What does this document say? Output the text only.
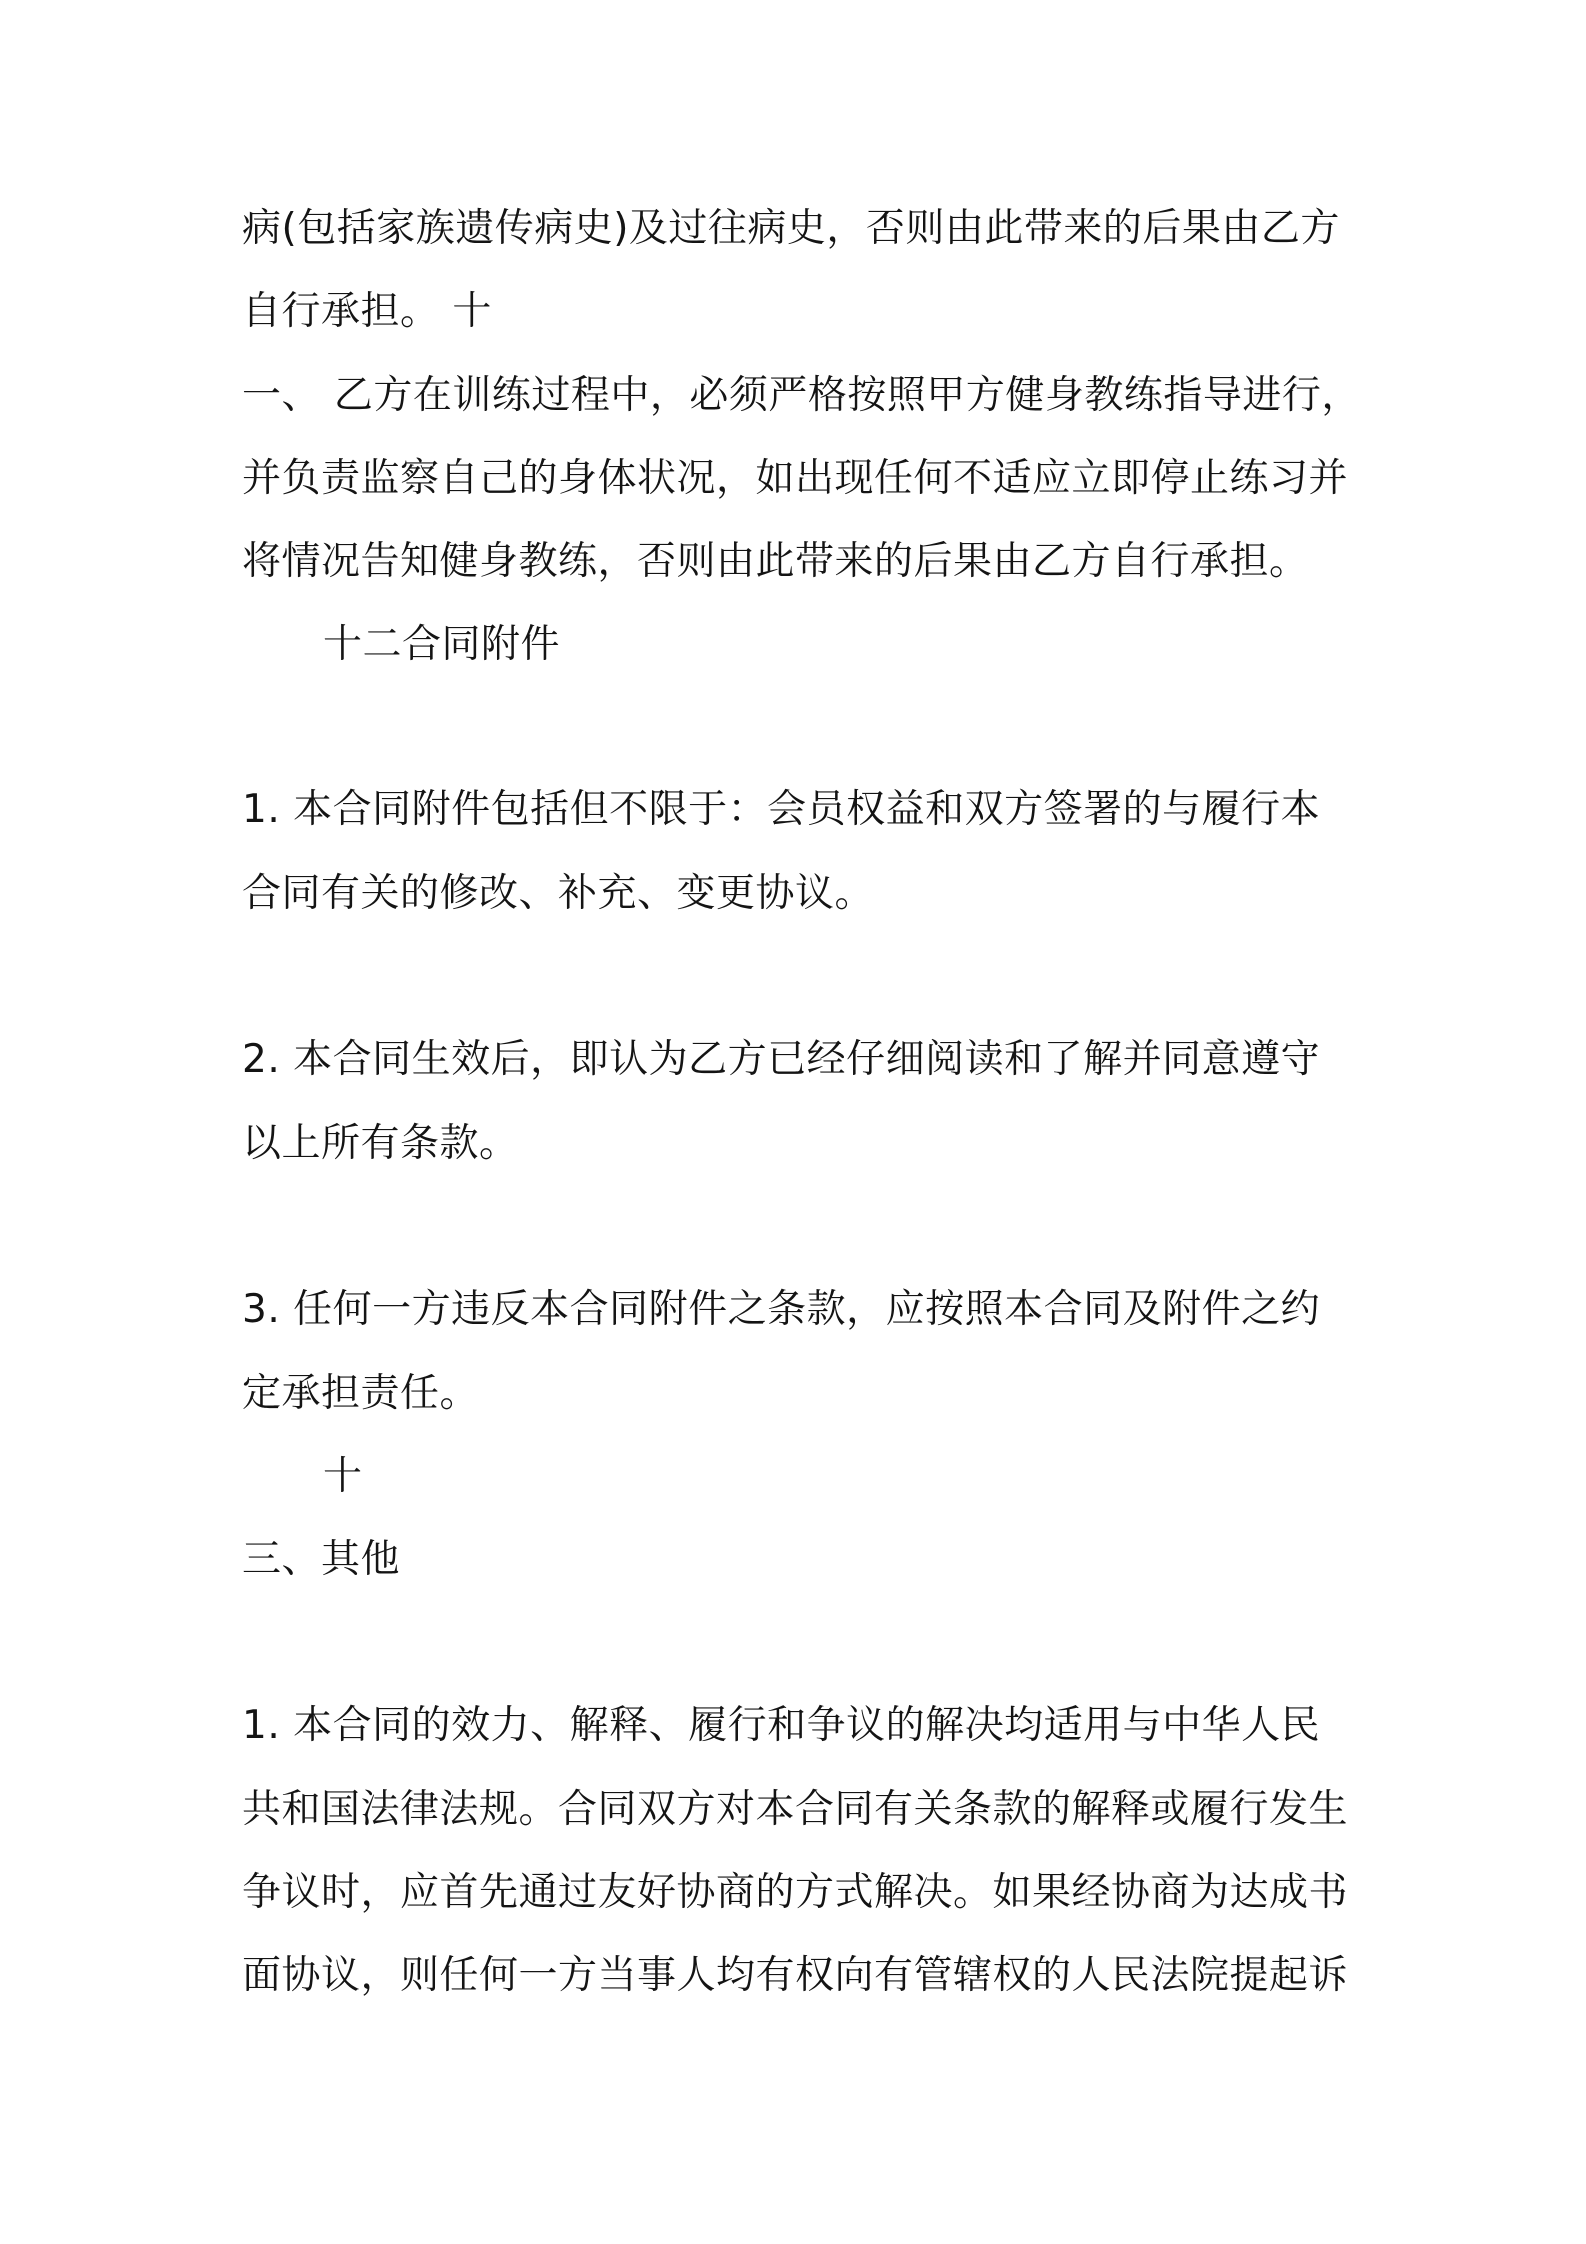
病(包括家族遗传病史)及过往病史，否则由此带来的后果由乙方
自行承担。 十
一、 乙方在训练过程中，必须严格按照甲方健身教练指导进行，
并负责监察自己的身体状况，如出现任何不适应立即停止练习并
将情况告知健身教练，否则由此带来的后果由乙方自行承担。
十二合同附件
1. 本合同附件包括但不限于：会员权益和双方签署的与履行本
合同有关的修改、补充、变更协议。
2. 本合同生效后，即认为乙方已经仔细阅读和了解并同意遵守
以上所有条款。
3. 任何一方违反本合同附件之条款，应按照本合同及附件之约
定承担责任。
十
三、其他
1. 本合同的效力、解释、履行和争议的解决均适用与中华人民
共和国法律法规。合同双方对本合同有关条款的解释或履行发生
争议时，应首先通过友好协商的方式解决。如果经协商为达成书
面协议，则任何一方当事人均有权向有管辖权的人民法院提起诉
